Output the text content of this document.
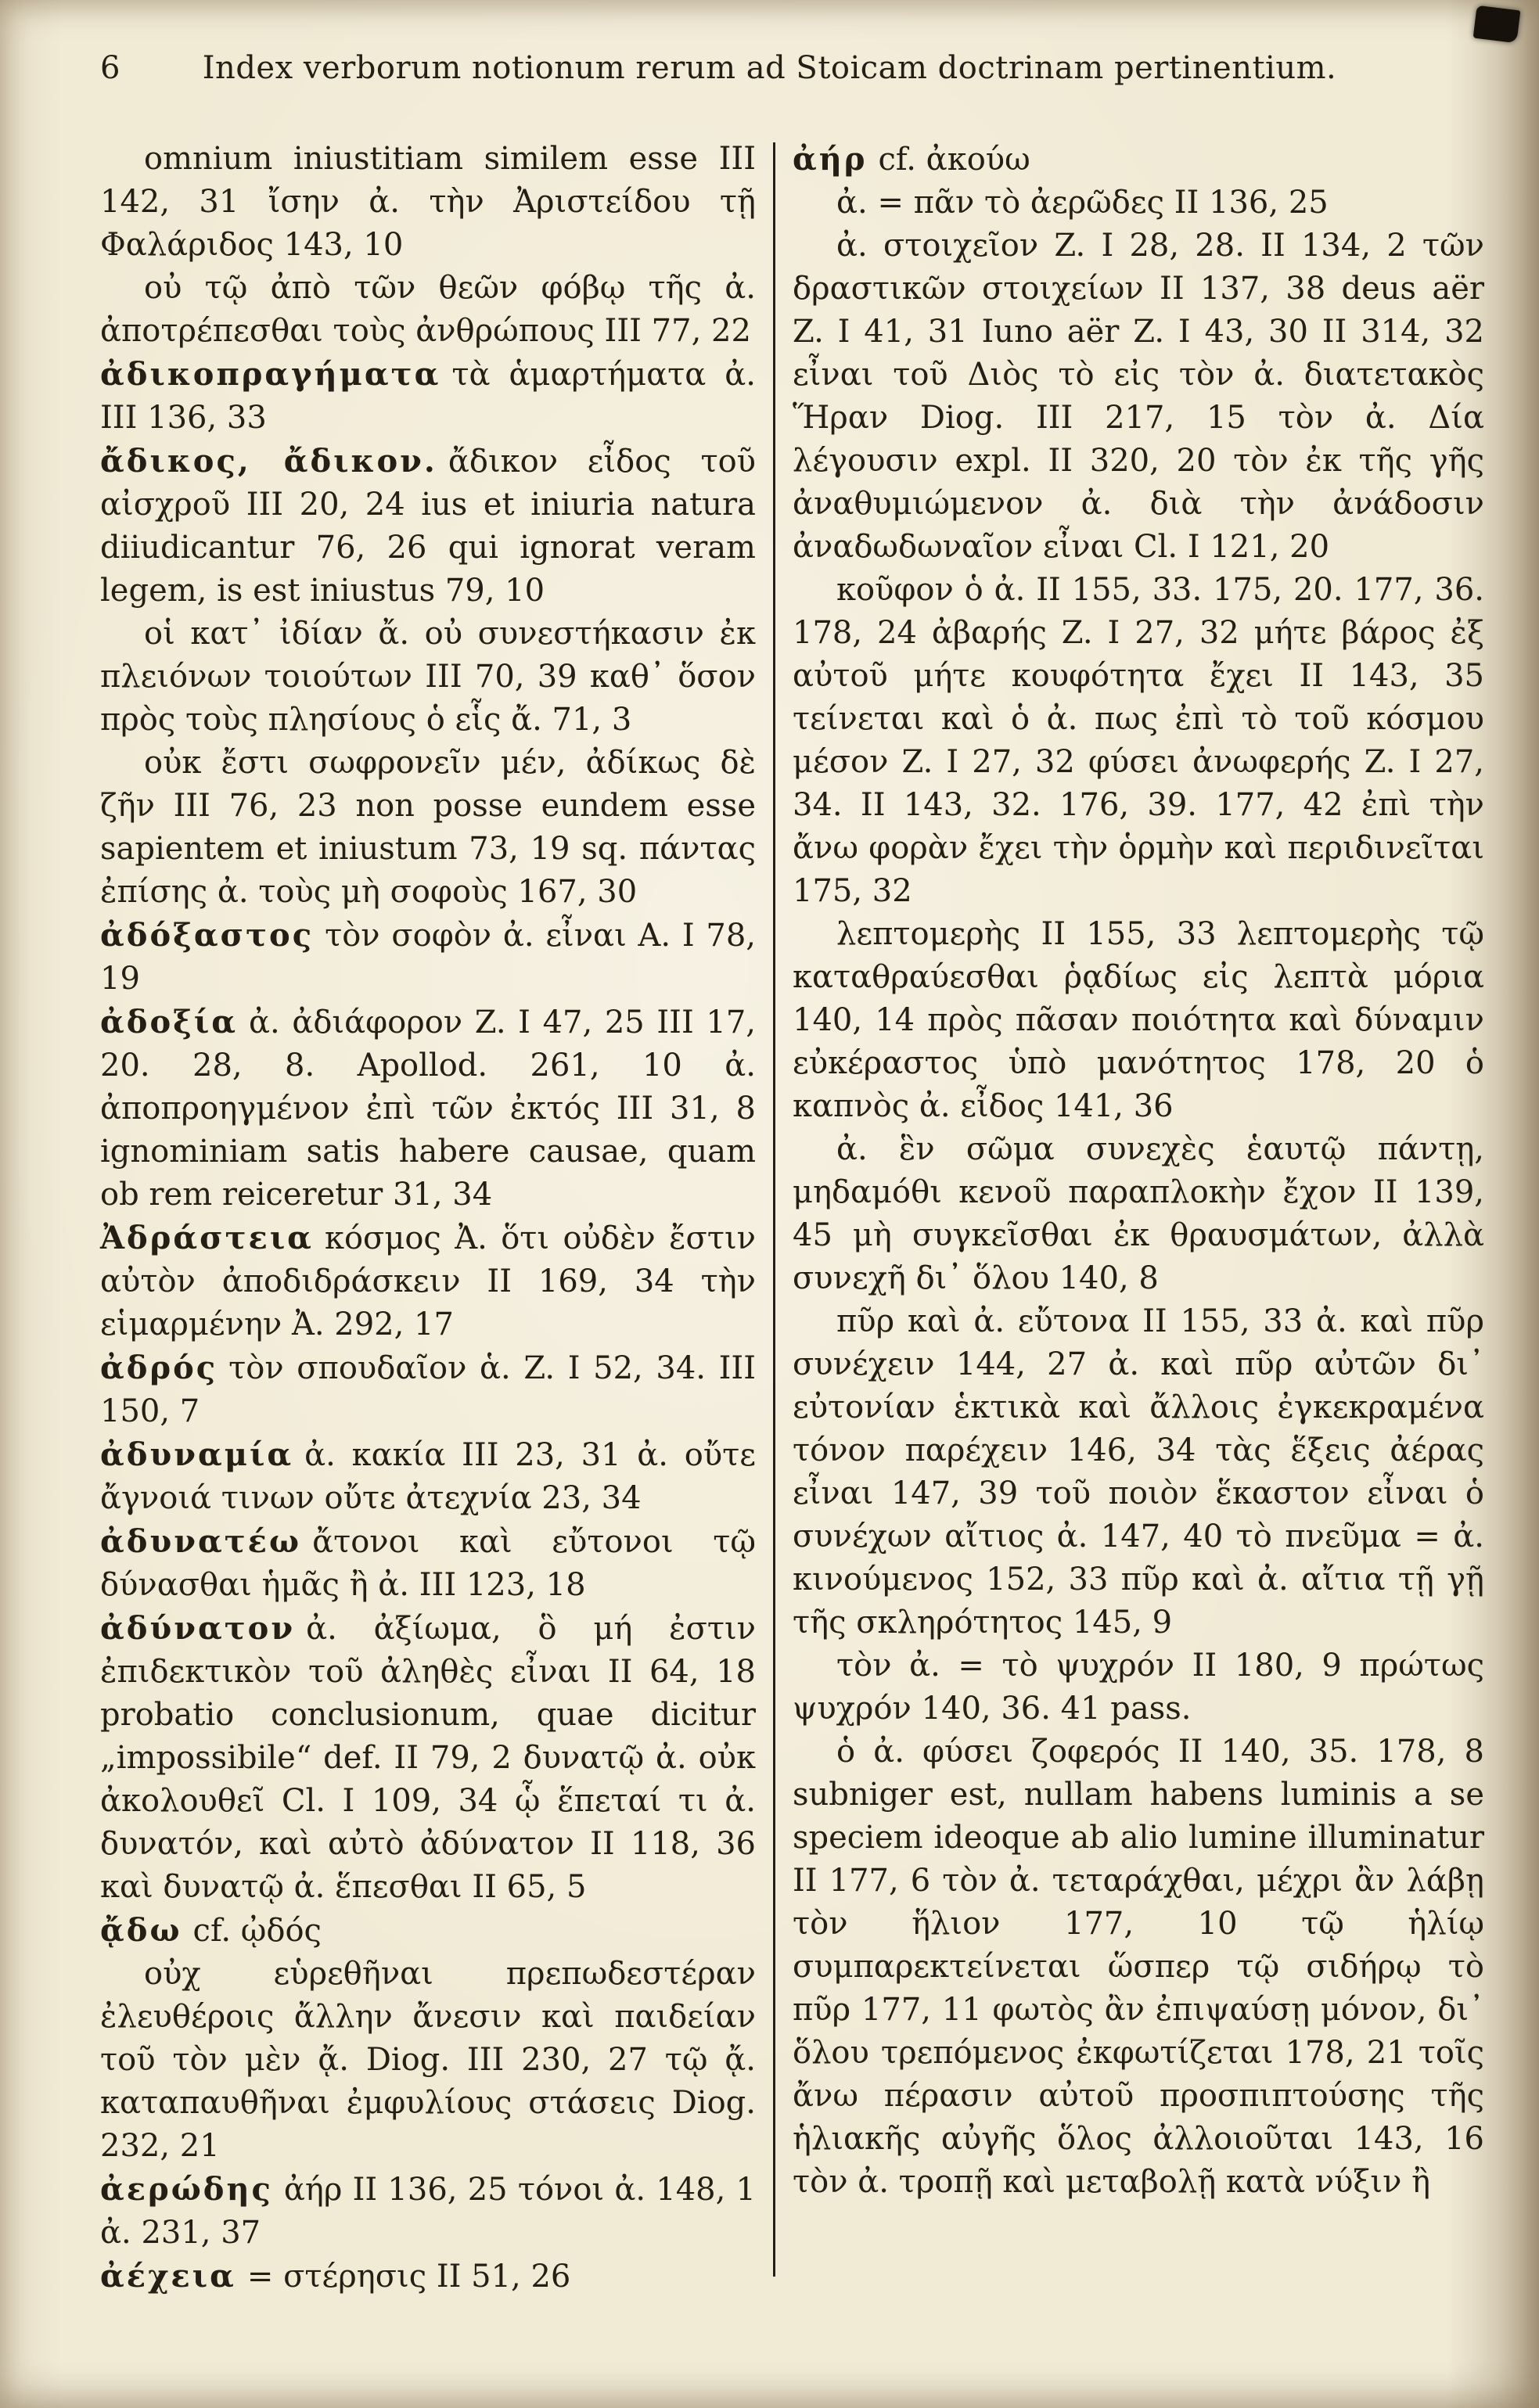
6	Index verborum notionum rerum ad Stoicam doctrinam pertinentium.

omnium iniustitiam similem esse III 142, 31 ἴσην ἀ. τὴν Ἀριστείδου τῇ Φαλάριδος 143, 10

οὐ τῷ ἀπὸ τῶν θεῶν φόβῳ τῆς ἀ. ἀποτρέπεσθαι τοὺς ἀνθρώπους III 77, 22

ἀδικοπραγήματα τὰ ἁμαρτήματα ἀ. III 136, 33

ἄδικος, ἄδικον. ἄδικον εἶδος τοῦ αἰσχροῦ III 20, 24 ius et iniuria natura diiudicantur 76, 26 qui ignorat veram legem, is est iniustus 79, 10

οἱ κατ᾽ ἰδίαν ἄ. οὐ συνεστήκασιν ἐκ πλειόνων τοιούτων III 70, 39 καθ᾽ ὅσον πρὸς τοὺς πλησίους ὁ εἷς ἄ. 71, 3

οὐκ ἔστι σωφρονεῖν μέν, ἀδίκως δὲ ζῆν III 76, 23 non posse eundem esse sapientem et iniustum 73, 19 sq. πάντας ἐπίσης ἀ. τοὺς μὴ σοφοὺς 167, 30

ἀδόξαστος τὸν σοφὸν ἀ. εἶναι A. I 78, 19

ἀδοξία ἀ. ἀδιάφορον Z. I 47, 25 III 17, 20. 28, 8. Apollod. 261, 10 ἀ. ἀποπροηγμένον ἐπὶ τῶν ἐκτός III 31, 8 ignominiam satis habere causae, quam ob rem reiceretur 31, 34

Ἀδράστεια κόσμος Ἀ. ὅτι οὐδὲν ἔστιν αὐτὸν ἀποδιδράσκειν II 169, 34 τὴν εἱμαρμένην Ἀ. 292, 17

ἀδρός τὸν σπουδαῖον ἁ. Z. I 52, 34. III 150, 7

ἀδυναμία ἀ. κακία III 23, 31 ἀ. οὔτε ἄγνοιά τινων οὔτε ἀτεχνία 23, 34

ἀδυνατέω ἄτονοι καὶ εὔτονοι τῷ δύνασθαι ἡμᾶς ἢ ἀ. III 123, 18

ἀδύνατον ἀ. ἀξίωμα, ὃ μή ἐστιν ἐπιδεκτικὸν τοῦ ἀληθὲς εἶναι II 64, 18 probatio conclusionum, quae dicitur „impossibile“ def. II 79, 2 δυνατῷ ἀ. οὐκ ἀκολουθεῖ Cl. I 109, 34 ᾧ ἕπεταί τι ἀ. δυνατόν, καὶ αὐτὸ ἀδύνατον II 118, 36 καὶ δυνατῷ ἀ. ἕπεσθαι II 65, 5

ᾄδω cf. ᾠδός

οὐχ εὑρεθῆναι πρεπωδεστέραν ἐλευθέροις ἄλλην ἄνεσιν καὶ παιδείαν τοῦ τὸν μὲν ᾄ. Diog. III 230, 27 τῷ ᾄ. καταπαυθῆναι ἐμφυλίους στάσεις Diog. 232, 21

ἀερώδης ἀήρ II 136, 25 τόνοι ἀ. 148, 1 ἀ. 231, 37

ἀέχεια = στέρησις II 51, 26

ἀήρ cf. ἀκούω

ἀ. = πᾶν τὸ ἀερῶδες II 136, 25

ἀ. στοιχεῖον Z. I 28, 28. II 134, 2 τῶν δραστικῶν στοιχείων II 137, 38 deus aër Z. I 41, 31 Iuno aër Z. I 43, 30 II 314, 32 εἶναι τοῦ Διὸς τὸ εἰς τὸν ἀ. διατετακὸς Ἥραν Diog. III 217, 15 τὸν ἀ. Δία λέγουσιν expl. II 320, 20 τὸν ἐκ τῆς γῆς ἀναθυμιώμενον ἀ. διὰ τὴν ἀνάδοσιν ἀναδωδωναῖον εἶναι Cl. I 121, 20

κοῦφον ὁ ἀ. II 155, 33. 175, 20. 177, 36. 178, 24 ἀβαρής Z. I 27, 32 μήτε βάρος ἐξ αὐτοῦ μήτε κουφότητα ἔχει II 143, 35 τείνεται καὶ ὁ ἀ. πως ἐπὶ τὸ τοῦ κόσμου μέσον Z. I 27, 32 φύσει ἀνωφερής Z. I 27, 34. II 143, 32. 176, 39. 177, 42 ἐπὶ τὴν ἄνω φορὰν ἔχει τὴν ὁρμὴν καὶ περιδινεῖται 175, 32

λεπτομερὴς II 155, 33 λεπτομερὴς τῷ καταθραύεσθαι ῥᾳδίως εἰς λεπτὰ μόρια 140, 14 πρὸς πᾶσαν ποιότητα καὶ δύναμιν εὐκέραστος ὑπὸ μανότητος 178, 20 ὁ καπνὸς ἀ. εἶδος 141, 36

ἀ. ἓν σῶμα συνεχὲς ἑαυτῷ πάντῃ, μηδαμόθι κενοῦ παραπλοκὴν ἔχον II 139, 45 μὴ συγκεῖσθαι ἐκ θραυσμάτων, ἀλλὰ συνεχῆ δι᾽ ὅλου 140, 8

πῦρ καὶ ἀ. εὔτονα II 155, 33 ἀ. καὶ πῦρ συνέχειν 144, 27 ἀ. καὶ πῦρ αὐτῶν δι᾽ εὐτονίαν ἑκτικὰ καὶ ἄλλοις ἐγκεκραμένα τόνον παρέχειν 146, 34 τὰς ἕξεις ἀέρας εἶναι 147, 39 τοῦ ποιὸν ἕκαστον εἶναι ὁ συνέχων αἴτιος ἀ. 147, 40 τὸ πνεῦμα = ἀ. κινούμενος 152, 33 πῦρ καὶ ἀ. αἴτια τῇ γῇ τῆς σκληρότητος 145, 9

τὸν ἀ. = τὸ ψυχρόν II 180, 9 πρώτως ψυχρόν 140, 36. 41 pass.

ὁ ἀ. φύσει ζοφερός II 140, 35. 178, 8 subniger est, nullam habens luminis a se speciem ideoque ab alio lumine illuminatur II 177, 6 τὸν ἀ. τεταράχθαι, μέχρι ἂν λάβῃ τὸν ἥλιον 177, 10 τῷ ἡλίῳ συμπαρεκτείνεται ὥσπερ τῷ σιδήρῳ τὸ πῦρ 177, 11 φωτὸς ἂν ἐπιψαύσῃ μόνον, δι᾽ ὅλου τρεπόμενος ἐκφωτίζεται 178, 21 τοῖς ἄνω πέρασιν αὐτοῦ προσπιπτούσης τῆς ἡλιακῆς αὐγῆς ὅλος ἀλλοιοῦται 143, 16 τὸν ἀ. τροπῇ καὶ μεταβολῇ κατὰ νύξιν ἢ
